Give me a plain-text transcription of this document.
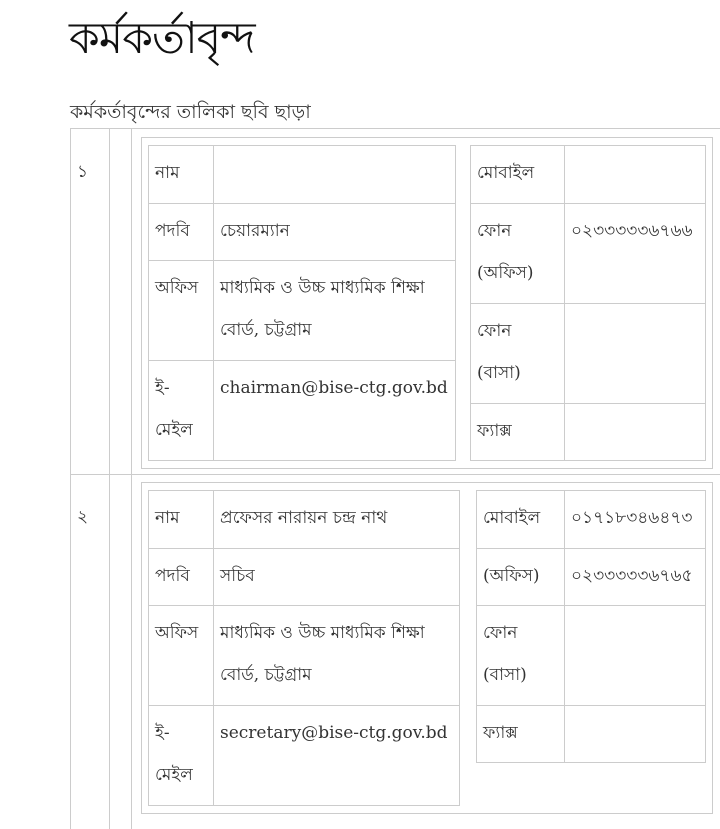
কর্মকর্তাবৃন্দ
কর্মকর্তাবৃন্দের তালিকা ছবি ছাড়া
১	নাম	
পদবি	চেয়ারম্যান
অফিস	মাধ্যমিক ও উচ্চ মাধ্যমিক শিক্ষা বোর্ড, চট্টগ্রাম
ই-মেইল	chairman@bise-ctg.gov.bd
মোবাইল	
ফোন (অফিস)	০২৩৩৩৩৩৬৭৬৬
ফোন (বাসা)	
ফ্যাক্স	
২	নাম	প্রফেসর নারায়ন চন্দ্র নাথ
পদবি	সচিব
অফিস	মাধ্যমিক ও উচ্চ মাধ্যমিক শিক্ষা বোর্ড, চট্টগ্রাম
ই-মেইল	secretary@bise-ctg.gov.bd
মোবাইল	০১৭১৮৩৪৬৪৭৩
(অফিস)	০২৩৩৩৩৩৬৭৬৫
ফোন (বাসা)	
ফ্যাক্স	
